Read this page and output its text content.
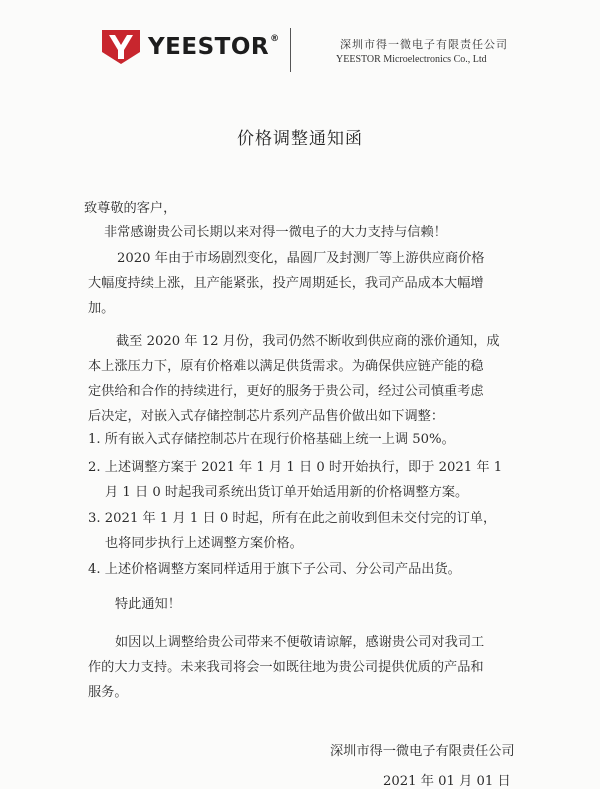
YEESTOR®	深圳市得一微电子有限责任公司
YEESTOR Microelectronics Co., Ltd
价格调整通知函
致尊敬的客户，
非常感谢贵公司长期以来对得一微电子的大力支持与信赖！
2020 年由于市场剧烈变化，晶圆厂及封测厂等上游供应商价格
大幅度持续上涨，且产能紧张，投产周期延长，我司产品成本大幅增
加。
截至 2020 年 12 月份，我司仍然不断收到供应商的涨价通知，成
本上涨压力下，原有价格难以满足供货需求。为确保供应链产能的稳
定供给和合作的持续进行，更好的服务于贵公司，经过公司慎重考虑
后决定，对嵌入式存储控制芯片系列产品售价做出如下调整：
1. 所有嵌入式存储控制芯片在现行价格基础上统一上调 50%。
2. 上述调整方案于 2021 年 1 月 1 日 0 时开始执行，即于 2021 年 1
月 1 日 0 时起我司系统出货订单开始适用新的价格调整方案。
3. 2021 年 1 月 1 日 0 时起，所有在此之前收到但未交付完的订单，
也将同步执行上述调整方案价格。
4. 上述价格调整方案同样适用于旗下子公司、分公司产品出货。
特此通知！
如因以上调整给贵公司带来不便敬请谅解，感谢贵公司对我司工
作的大力支持。未来我司将会一如既往地为贵公司提供优质的产品和
服务。
深圳市得一微电子有限责任公司
2021 年 01 月 01 日
